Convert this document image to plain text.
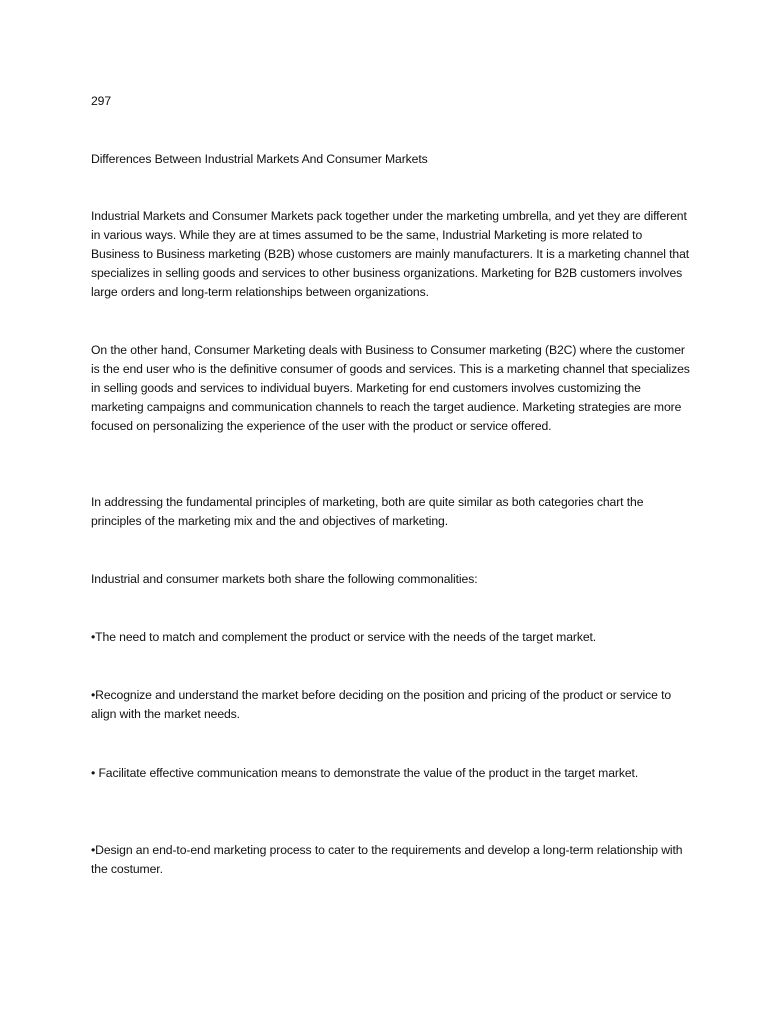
297

Differences Between Industrial Markets And Consumer Markets

Industrial Markets and Consumer Markets pack together under the marketing umbrella, and yet they are different in various ways. While they are at times assumed to be the same, Industrial Marketing is more related to Business to Business marketing (B2B) whose customers are mainly manufacturers. It is a marketing channel that specializes in selling goods and services to other business organizations. Marketing for B2B customers involves large orders and long-term relationships between organizations.

On the other hand, Consumer Marketing deals with Business to Consumer marketing (B2C) where the customer is the end user who is the definitive consumer of goods and services. This is a marketing channel that specializes in selling goods and services to individual buyers. Marketing for end customers involves customizing the marketing campaigns and communication channels to reach the target audience. Marketing strategies are more focused on personalizing the experience of the user with the product or service offered.

In addressing the fundamental principles of marketing, both are quite similar as both categories chart the principles of the marketing mix and the and objectives of marketing.

Industrial and consumer markets both share the following commonalities:

•The need to match and complement the product or service with the needs of the target market.

•Recognize and understand the market before deciding on the position and pricing of the product or service to align with the market needs.

• Facilitate effective communication means to demonstrate the value of the product in the target market.

•Design an end-to-end marketing process to cater to the requirements and develop a long-term relationship with the costumer.
